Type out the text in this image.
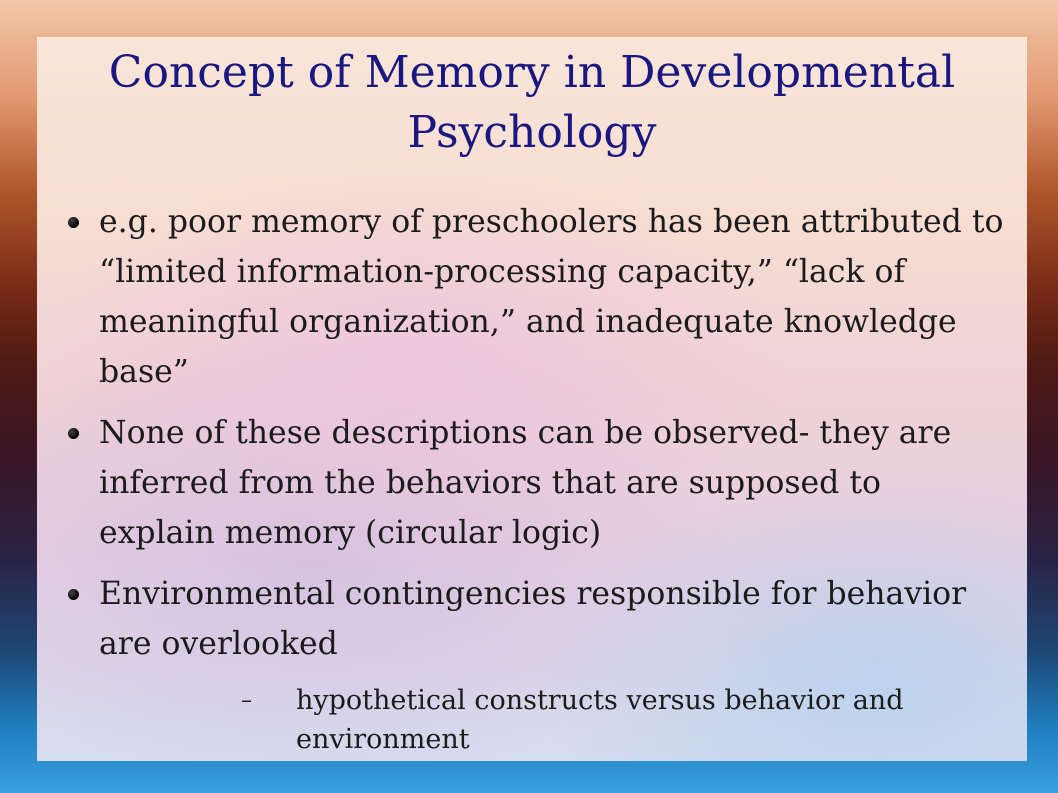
Concept of Memory in Developmental Psychology
e.g. poor memory of preschoolers has been attributed to “limited information-processing capacity,” “lack of meaningful organization,” and inadequate knowledge base”
None of these descriptions can be observed- they are inferred from the behaviors that are supposed to explain memory (circular logic)
Environmental contingencies responsible for behavior are overlooked
– hypothetical constructs versus behavior and environment
